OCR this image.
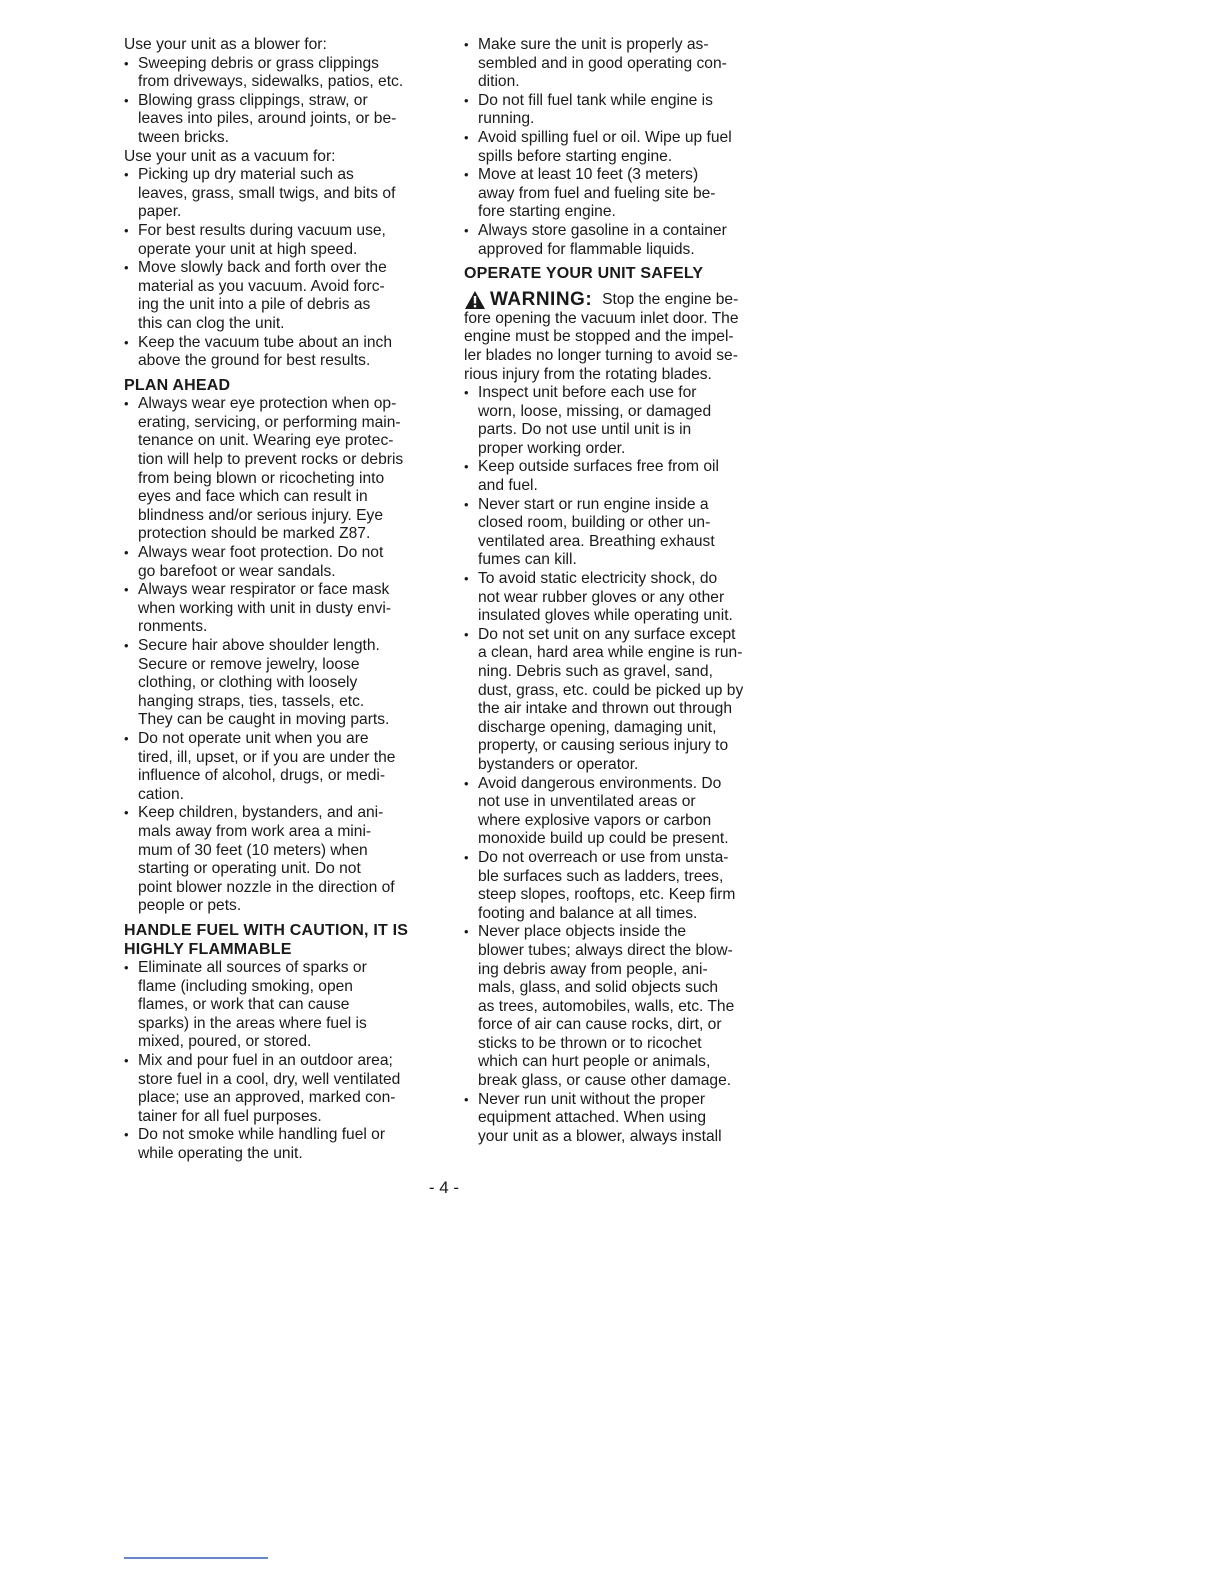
Use your unit as a blower for:

• Sweeping debris or grass clippings
from driveways, sidewalks, patios, etc.
• Blowing grass clippings, straw, or
leaves into piles, around joints, or be-
tween bricks.

Use your unit as a vacuum for:

• Picking up dry material such as
leaves, grass, small twigs, and bits of
paper.
• For best results during vacuum use,
operate your unit at high speed.
• Move slowly back and forth over the
material as you vacuum. Avoid forc-
ing the unit into a pile of debris as
this can clog the unit.
• Keep the vacuum tube about an inch
above the ground for best results.
PLAN AHEAD
• Always wear eye protection when op-
erating, servicing, or performing main-
tenance on unit. Wearing eye protec-
tion will help to prevent rocks or debris
from being blown or ricocheting into
eyes and face which can result in
blindness and/or serious injury. Eye
protection should be marked Z87.
• Always wear foot protection. Do not
go barefoot or wear sandals.
• Always wear respirator or face mask
when working with unit in dusty envi-
ronments.
• Secure hair above shoulder length.
Secure or remove jewelry, loose
clothing, or clothing with loosely
hanging straps, ties, tassels, etc.
They can be caught in moving parts.
• Do not operate unit when you are
tired, ill, upset, or if you are under the
influence of alcohol, drugs, or medi-
cation.
• Keep children, bystanders, and ani-
mals away from work area a mini-
mum of 30 feet (10 meters) when
starting or operating unit. Do not
point blower nozzle in the direction of
people or pets.
HANDLE FUEL WITH CAUTION, IT IS
HIGHLY FLAMMABLE
• Eliminate all sources of sparks or
flame (including smoking, open
flames, or work that can cause
sparks) in the areas where fuel is
mixed, poured, or stored.
• Mix and pour fuel in an outdoor area;
store fuel in a cool, dry, well ventilated
place; use an approved, marked con-
tainer for all fuel purposes.
• Do not smoke while handling fuel or
while operating the unit.
• Make sure the unit is properly as-
sembled and in good operating con-
dition.
• Do not fill fuel tank while engine is
running.
• Avoid spilling fuel or oil. Wipe up fuel
spills before starting engine.
• Move at least 10 feet (3 meters)
away from fuel and fueling site be-
fore starting engine.
• Always store gasoline in a container
approved for flammable liquids.
OPERATE YOUR UNIT SAFELY
WARNING: Stop the engine be-
fore opening the vacuum inlet door. The
engine must be stopped and the impel-
ler blades no longer turning to avoid se-
rious injury from the rotating blades.
• Inspect unit before each use for
worn, loose, missing, or damaged
parts. Do not use until unit is in
proper working order.
• Keep outside surfaces free from oil
and fuel.
• Never start or run engine inside a
closed room, building or other un-
ventilated area. Breathing exhaust
fumes can kill.
• To avoid static electricity shock, do
not wear rubber gloves or any other
insulated gloves while operating unit.
• Do not set unit on any surface except
a clean, hard area while engine is run-
ning. Debris such as gravel, sand,
dust, grass, etc. could be picked up by
the air intake and thrown out through
discharge opening, damaging unit,
property, or causing serious injury to
bystanders or operator.
• Avoid dangerous environments. Do
not use in unventilated areas or
where explosive vapors or carbon
monoxide build up could be present.
• Do not overreach or use from unsta-
ble surfaces such as ladders, trees,
steep slopes, rooftops, etc. Keep firm
footing and balance at all times.
• Never place objects inside the
blower tubes; always direct the blow-
ing debris away from people, ani-
mals, glass, and solid objects such
as trees, automobiles, walls, etc. The
force of air can cause rocks, dirt, or
sticks to be thrown or to ricochet
which can hurt people or animals,
break glass, or cause other damage.
• Never run unit without the proper
equipment attached. When using
your unit as a blower, always install
- 4 -
